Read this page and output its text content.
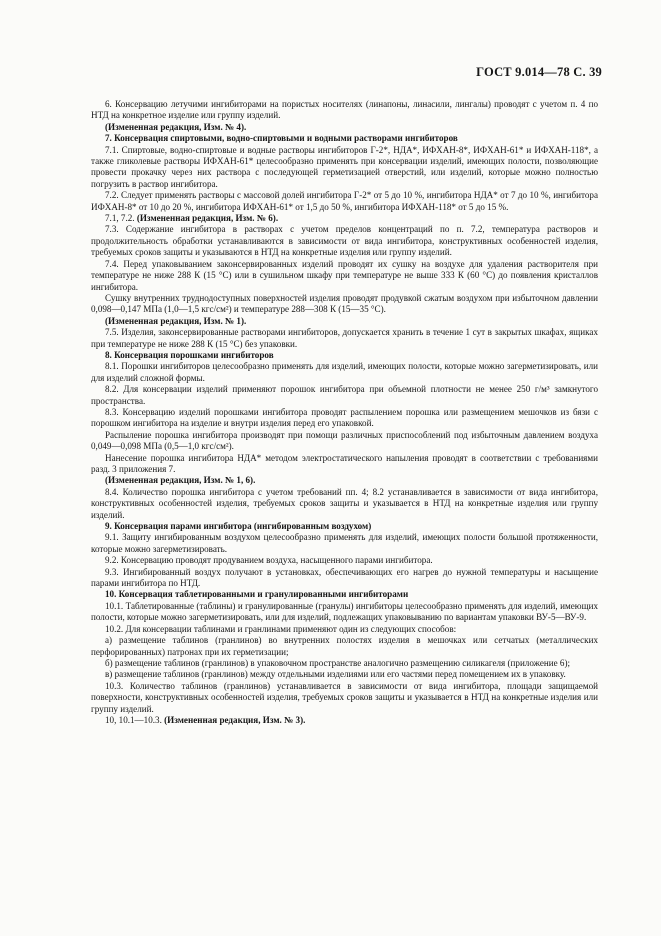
ГОСТ 9.014—78 С. 39

6. Консервацию летучими ингибиторами на пористых носителях (линапоны, линасили, лингалы) проводят с учетом п. 4 по НТД на конкретное изделие или группу изделий.

(Измененная редакция, Изм. № 4).

7. Консервация спиртовыми, водно-спиртовыми и водными растворами ингибиторов

7.1. Спиртовые, водно-спиртовые и водные растворы ингибиторов Г-2*, НДА*, ИФХАН-8*, ИФХАН-61* и ИФХАН-118*, а также гликолевые растворы ИФХАН-61* целесообразно применять при консервации изделий, имеющих полости, позволяющие провести прокачку через них раствора с последующей герметизацией отверстий, или изделий, которые можно полностью погрузить в раствор ингибитора.

7.2. Следует применять растворы с массовой долей ингибитора Г-2* от 5 до 10 %, ингибитора НДА* от 7 до 10 %, ингибитора ИФХАН-8* от 10 до 20 %, ингибитора ИФХАН-61* от 1,5 до 50 %, ингибитора ИФХАН-118* от 5 до 15 %.

7.1, 7.2. (Измененная редакция, Изм. № 6).

7.3. Содержание ингибитора в растворах с учетом пределов концентраций по п. 7.2, температура растворов и продолжительность обработки устанавливаются в зависимости от вида ингибитора, конструктивных особенностей изделия, требуемых сроков защиты и указываются в НТД на конкретные изделия или группу изделий.

7.4. Перед упаковыванием законсервированных изделий проводят их сушку на воздухе для удаления растворителя при температуре не ниже 288 К (15 °С) или в сушильном шкафу при температуре не выше 333 К (60 °С) до появления кристаллов ингибитора.

Сушку внутренних труднодоступных поверхностей изделия проводят продувкой сжатым воздухом при избыточном давлении 0,098—0,147 МПа (1,0—1,5 кгс/см²) и температуре 288—308 К (15—35 °С).

(Измененная редакция, Изм. № 1).

7.5. Изделия, законсервированные растворами ингибиторов, допускается хранить в течение 1 сут в закрытых шкафах, ящиках при температуре не ниже 288 К (15 °С) без упаковки.

8. Консервация порошками ингибиторов

8.1. Порошки ингибиторов целесообразно применять для изделий, имеющих полости, которые можно загерметизировать, или для изделий сложной формы.

8.2. Для консервации изделий применяют порошок ингибитора при объемной плотности не менее 250 г/м³ замкнутого пространства.

8.3. Консервацию изделий порошками ингибитора проводят распылением порошка или размещением мешочков из бязи с порошком ингибитора на изделие и внутри изделия перед его упаковкой.

Распыление порошка ингибитора производят при помощи различных приспособлений под избыточным давлением воздуха 0,049—0,098 МПа (0,5—1,0 кгс/см²).

Нанесение порошка ингибитора НДА* методом электростатического напыления проводят в соответствии с требованиями разд. 3 приложения 7.

(Измененная редакция, Изм. № 1, 6).

8.4. Количество порошка ингибитора с учетом требований пп. 4; 8.2 устанавливается в зависимости от вида ингибитора, конструктивных особенностей изделия, требуемых сроков защиты и указывается в НТД на конкретные изделия или группу изделий.

9. Консервация парами ингибитора (ингибированным воздухом)

9.1. Защиту ингибированным воздухом целесообразно применять для изделий, имеющих полости большой протяженности, которые можно загерметизировать.

9.2. Консервацию проводят продуванием воздуха, насыщенного парами ингибитора.

9.3. Ингибированный воздух получают в установках, обеспечивающих его нагрев до нужной температуры и насыщение парами ингибитора по НТД.

10. Консервация таблетированными и гранулированными ингибиторами

10.1. Таблетированные (таблины) и гранулированные (гранулы) ингибиторы целесообразно применять для изделий, имеющих полости, которые можно загерметизировать, или для изделий, подлежащих упаковыванию по вариантам упаковки ВУ-5—ВУ-9.

10.2. Для консервации таблинами и гранлинами применяют один из следующих способов:

а) размещение таблинов (гранлинов) во внутренних полостях изделия в мешочках или сетчатых (металлических перфорированных) патронах при их герметизации;

б) размещение таблинов (гранлинов) в упаковочном пространстве аналогично размещению силикагеля (приложение 6);

в) размещение таблинов (гранлинов) между отдельными изделиями или его частями перед помещением их в упаковку.

10.3. Количество таблинов (гранлинов) устанавливается в зависимости от вида ингибитора, площади защищаемой поверхности, конструктивных особенностей изделия, требуемых сроков защиты и указывается в НТД на конкретные изделия или группу изделий.

10, 10.1—10.3. (Измененная редакция, Изм. № 3).
